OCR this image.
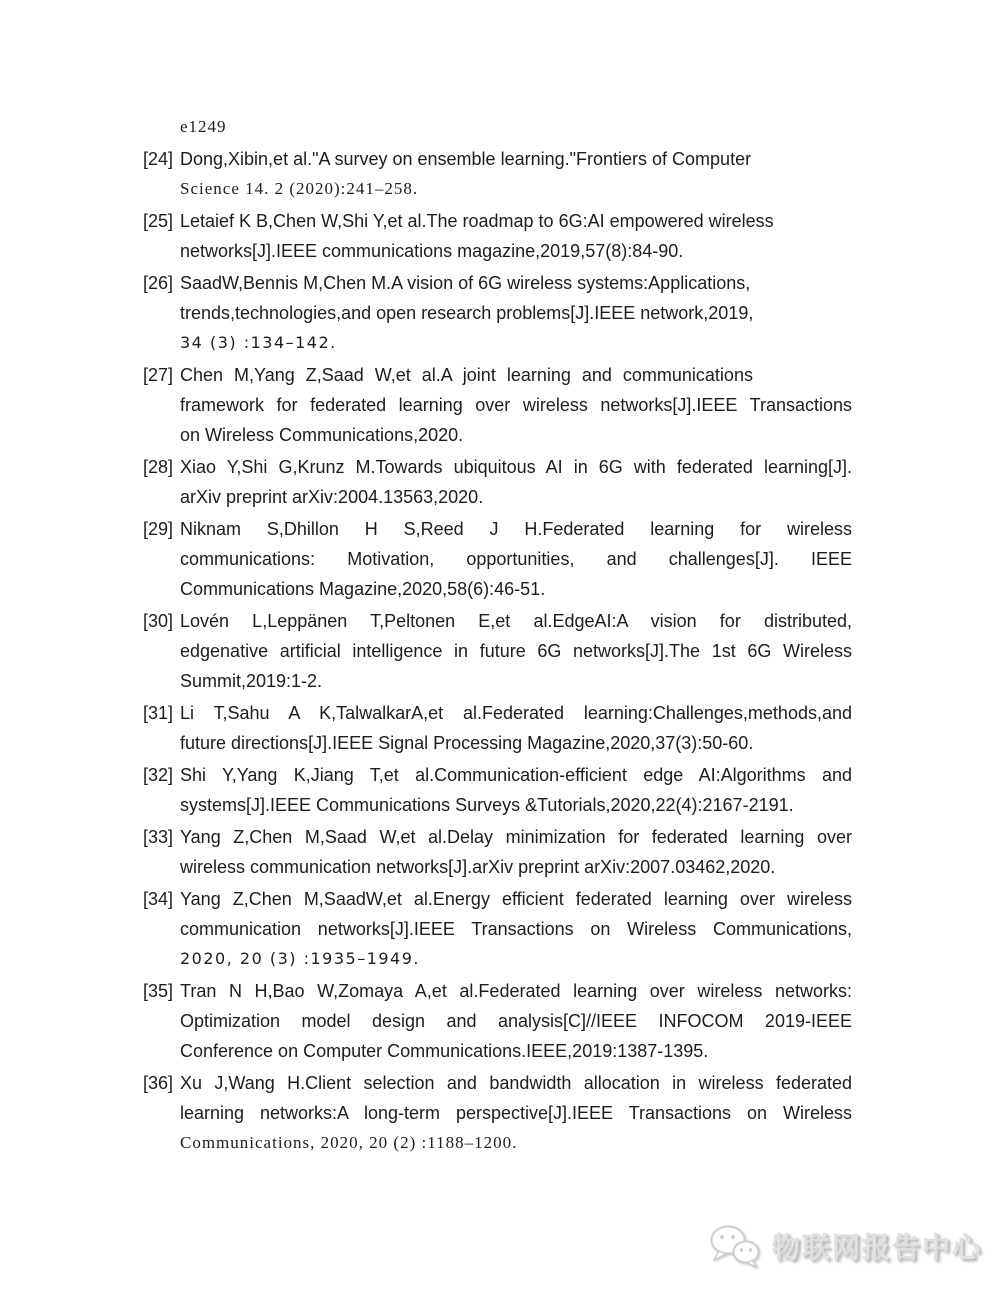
e1249
[24] Dong,Xibin,et al."A survey on ensemble learning."Frontiers of Computer
Science 14. 2 (2020):241–258.
[25] Letaief K B,Chen W,Shi Y,et al.The roadmap to 6G:AI empowered wireless
networks[J].IEEE communications magazine,2019,57(8):84-90.
[26] SaadW,Bennis M,Chen M.A vision of 6G wireless systems:Applications,
trends,technologies,and open research problems[J].IEEE network,2019,
34 (3) :134–142.
[27] Chen M,Yang Z,Saad W,et al.A joint learning and communications
framework for federated learning over wireless networks[J].IEEE Transactions
on Wireless Communications,2020.
[28] Xiao Y,Shi G,Krunz M.Towards ubiquitous AI in 6G with federated learning[J].
arXiv preprint arXiv:2004.13563,2020.
[29] Niknam S,Dhillon H S,Reed J H.Federated learning for wireless
communications: Motivation, opportunities, and challenges[J]. IEEE
Communications Magazine,2020,58(6):46-51.
[30] Lovén L,Leppänen T,Peltonen E,et al.EdgeAI:A vision for distributed,
edgenative artificial intelligence in future 6G networks[J].The 1st 6G Wireless
Summit,2019:1-2.
[31] Li T,Sahu A K,TalwalkarA,et al.Federated learning:Challenges,methods,and
future directions[J].IEEE Signal Processing Magazine,2020,37(3):50-60.
[32] Shi Y,Yang K,Jiang T,et al.Communication-efficient edge AI:Algorithms and
systems[J].IEEE Communications Surveys &Tutorials,2020,22(4):2167-2191.
[33] Yang Z,Chen M,Saad W,et al.Delay minimization for federated learning over
wireless communication networks[J].arXiv preprint arXiv:2007.03462,2020.
[34] Yang Z,Chen M,SaadW,et al.Energy efficient federated learning over wireless
communication networks[J].IEEE Transactions on Wireless Communications,
2020, 20 (3) :1935–1949.
[35] Tran N H,Bao W,Zomaya A,et al.Federated learning over wireless networks:
Optimization model design and analysis[C]//IEEE INFOCOM 2019-IEEE
Conference on Computer Communications.IEEE,2019:1387-1395.
[36] Xu J,Wang H.Client selection and bandwidth allocation in wireless federated
learning networks:A long-term perspective[J].IEEE Transactions on Wireless
Communications, 2020, 20 (2) :1188–1200.
物联网报告中心
